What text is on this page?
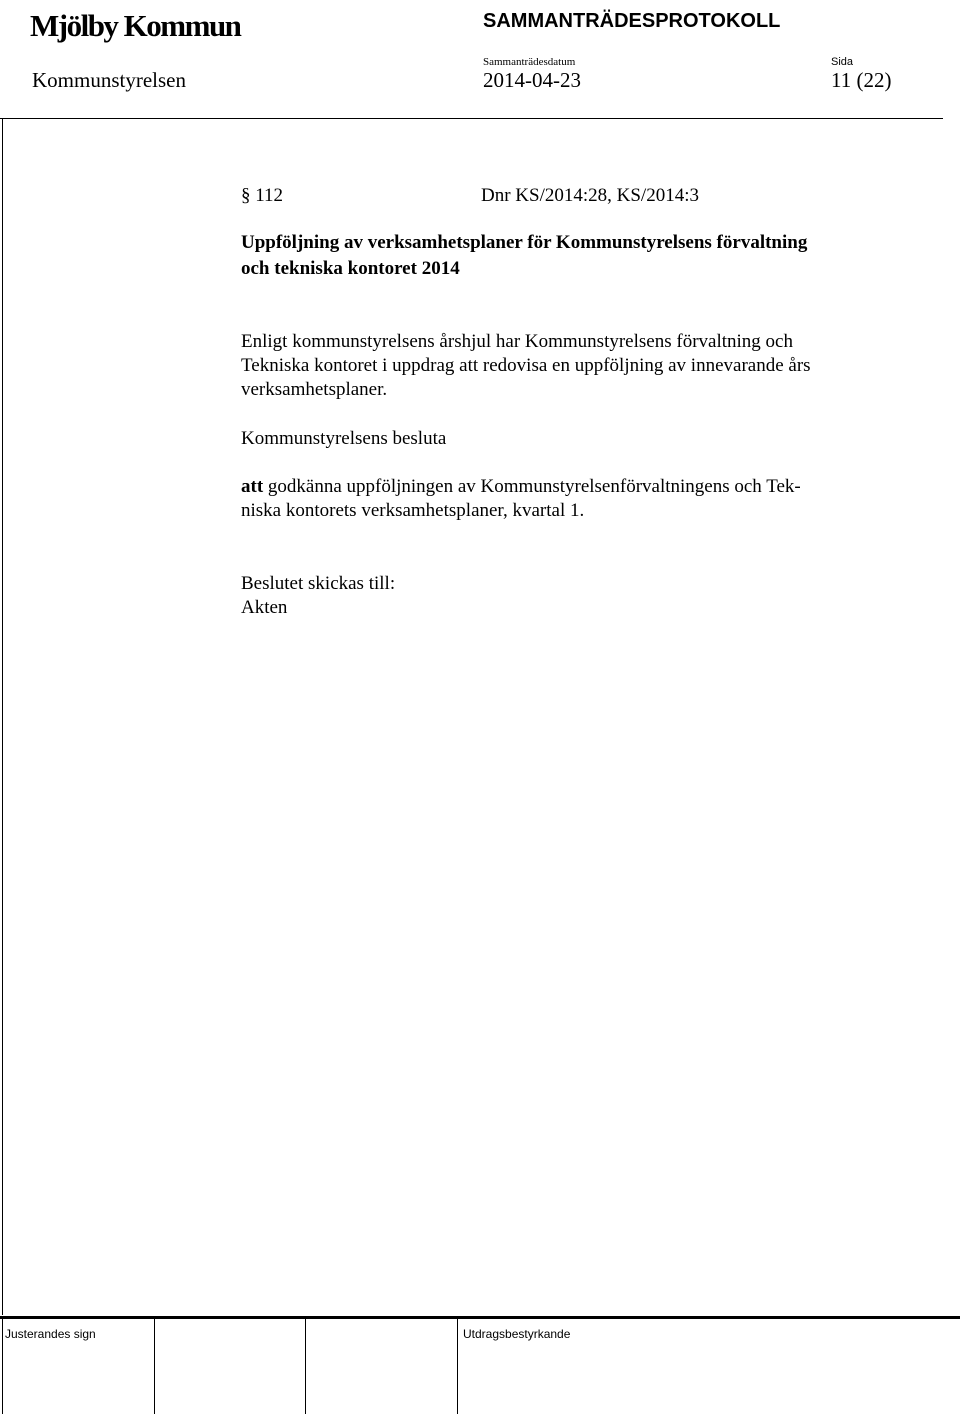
Mjölby Kommun	SAMMANTRÄDESPROTOKOLL
Sammanträdesdatum	Sida
Kommunstyrelsen	2014-04-23	11 (22)
§ 112	Dnr KS/2014:28, KS/2014:3
Uppföljning av verksamhetsplaner för Kommunstyrelsens förvaltning
och tekniska kontoret 2014
Enligt kommunstyrelsens årshjul har Kommunstyrelsens förvaltning och
Tekniska kontoret i uppdrag att redovisa en uppföljning av innevarande års
verksamhetsplaner.
Kommunstyrelsens besluta
att godkänna uppföljningen av Kommunstyrelsenförvaltningens och Tek-
niska kontorets verksamhetsplaner, kvartal 1.
Beslutet skickas till:
Akten
Justerandes sign	Utdragsbestyrkande
